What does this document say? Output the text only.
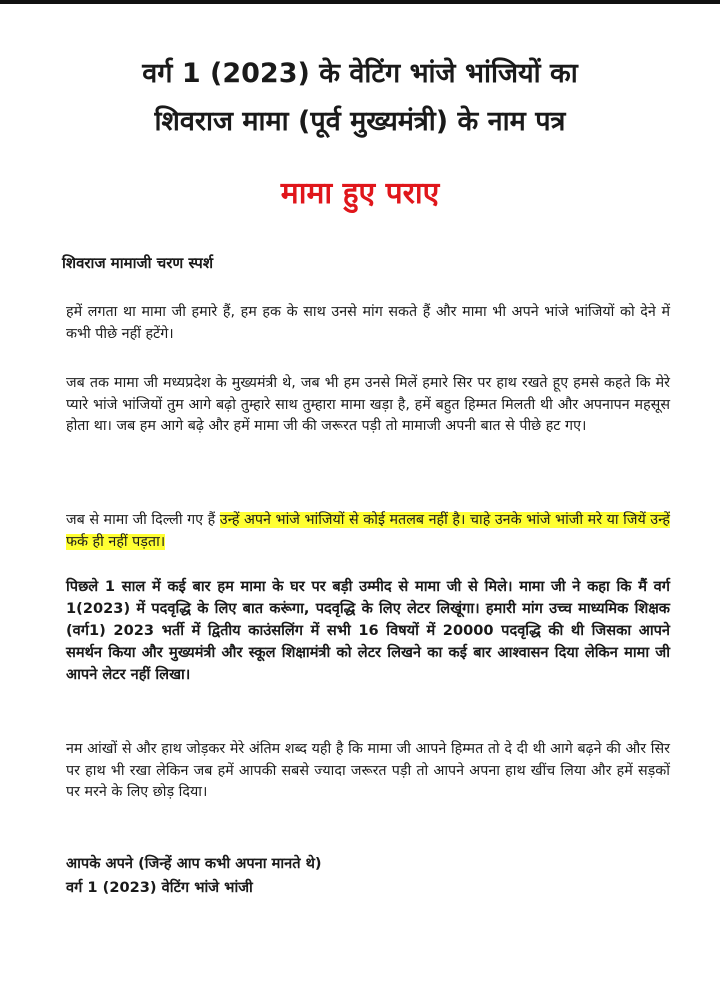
वर्ग 1 (2023) के वेटिंग भांजे भांजियों का
शिवराज मामा (पूर्व मुख्यमंत्री) के नाम पत्र
मामा हुए पराए
शिवराज मामाजी चरण स्पर्श
हमें लगता था मामा जी हमारे हैं, हम हक के साथ उनसे मांग सकते हैं और मामा भी अपने भांजे भांजियों को देने में कभी पीछे नहीं हटेंगे।
जब तक मामा जी मध्यप्रदेश के मुख्यमंत्री थे, जब भी हम उनसे मिलें हमारे सिर पर हाथ रखते हूए हमसे कहते कि मेरे प्यारे भांजे भांजियों तुम आगे बढ़ो तुम्हारे साथ तुम्हारा मामा खड़ा है, हमें बहुत हिम्मत मिलती थी और अपनापन महसूस होता था। जब हम आगे बढ़े और हमें मामा जी की जरूरत पड़ी तो मामाजी अपनी बात से पीछे हट गए।
जब से मामा जी दिल्ली गए हैं उन्हें अपने भांजे भांजियों से कोई मतलब नहीं है। चाहे उनके भांजे भांजी मरे या जियें उन्हें फर्क ही नहीं पड़ता।
पिछले 1 साल में कई बार हम मामा के घर पर बड़ी उम्मीद से मामा जी से मिले। मामा जी ने कहा कि मैं वर्ग 1(2023) में पदवृद्धि के लिए बात करूंगा, पदवृद्धि के लिए लेटर लिखूंगा। हमारी मांग उच्च माध्यमिक शिक्षक (वर्ग1) 2023 भर्ती में द्वितीय काउंसलिंग में सभी 16 विषयों में 20000 पदवृद्धि की थी जिसका आपने समर्थन किया और मुख्यमंत्री और स्कूल शिक्षामंत्री को लेटर लिखने का कई बार आश्वासन दिया लेकिन मामा जी आपने लेटर नहीं लिखा।
नम आंखों से और हाथ जोड़कर मेरे अंतिम शब्द यही है कि मामा जी आपने हिम्मत तो दे दी थी आगे बढ़ने की और सिर पर हाथ भी रखा लेकिन जब हमें आपकी सबसे ज्यादा जरूरत पड़ी तो आपने अपना हाथ खींच लिया और हमें सड़कों पर मरने के लिए छोड़ दिया।
आपके अपने (जिन्हें आप कभी अपना मानते थे)
वर्ग 1 (2023) वेटिंग भांजे भांजी
